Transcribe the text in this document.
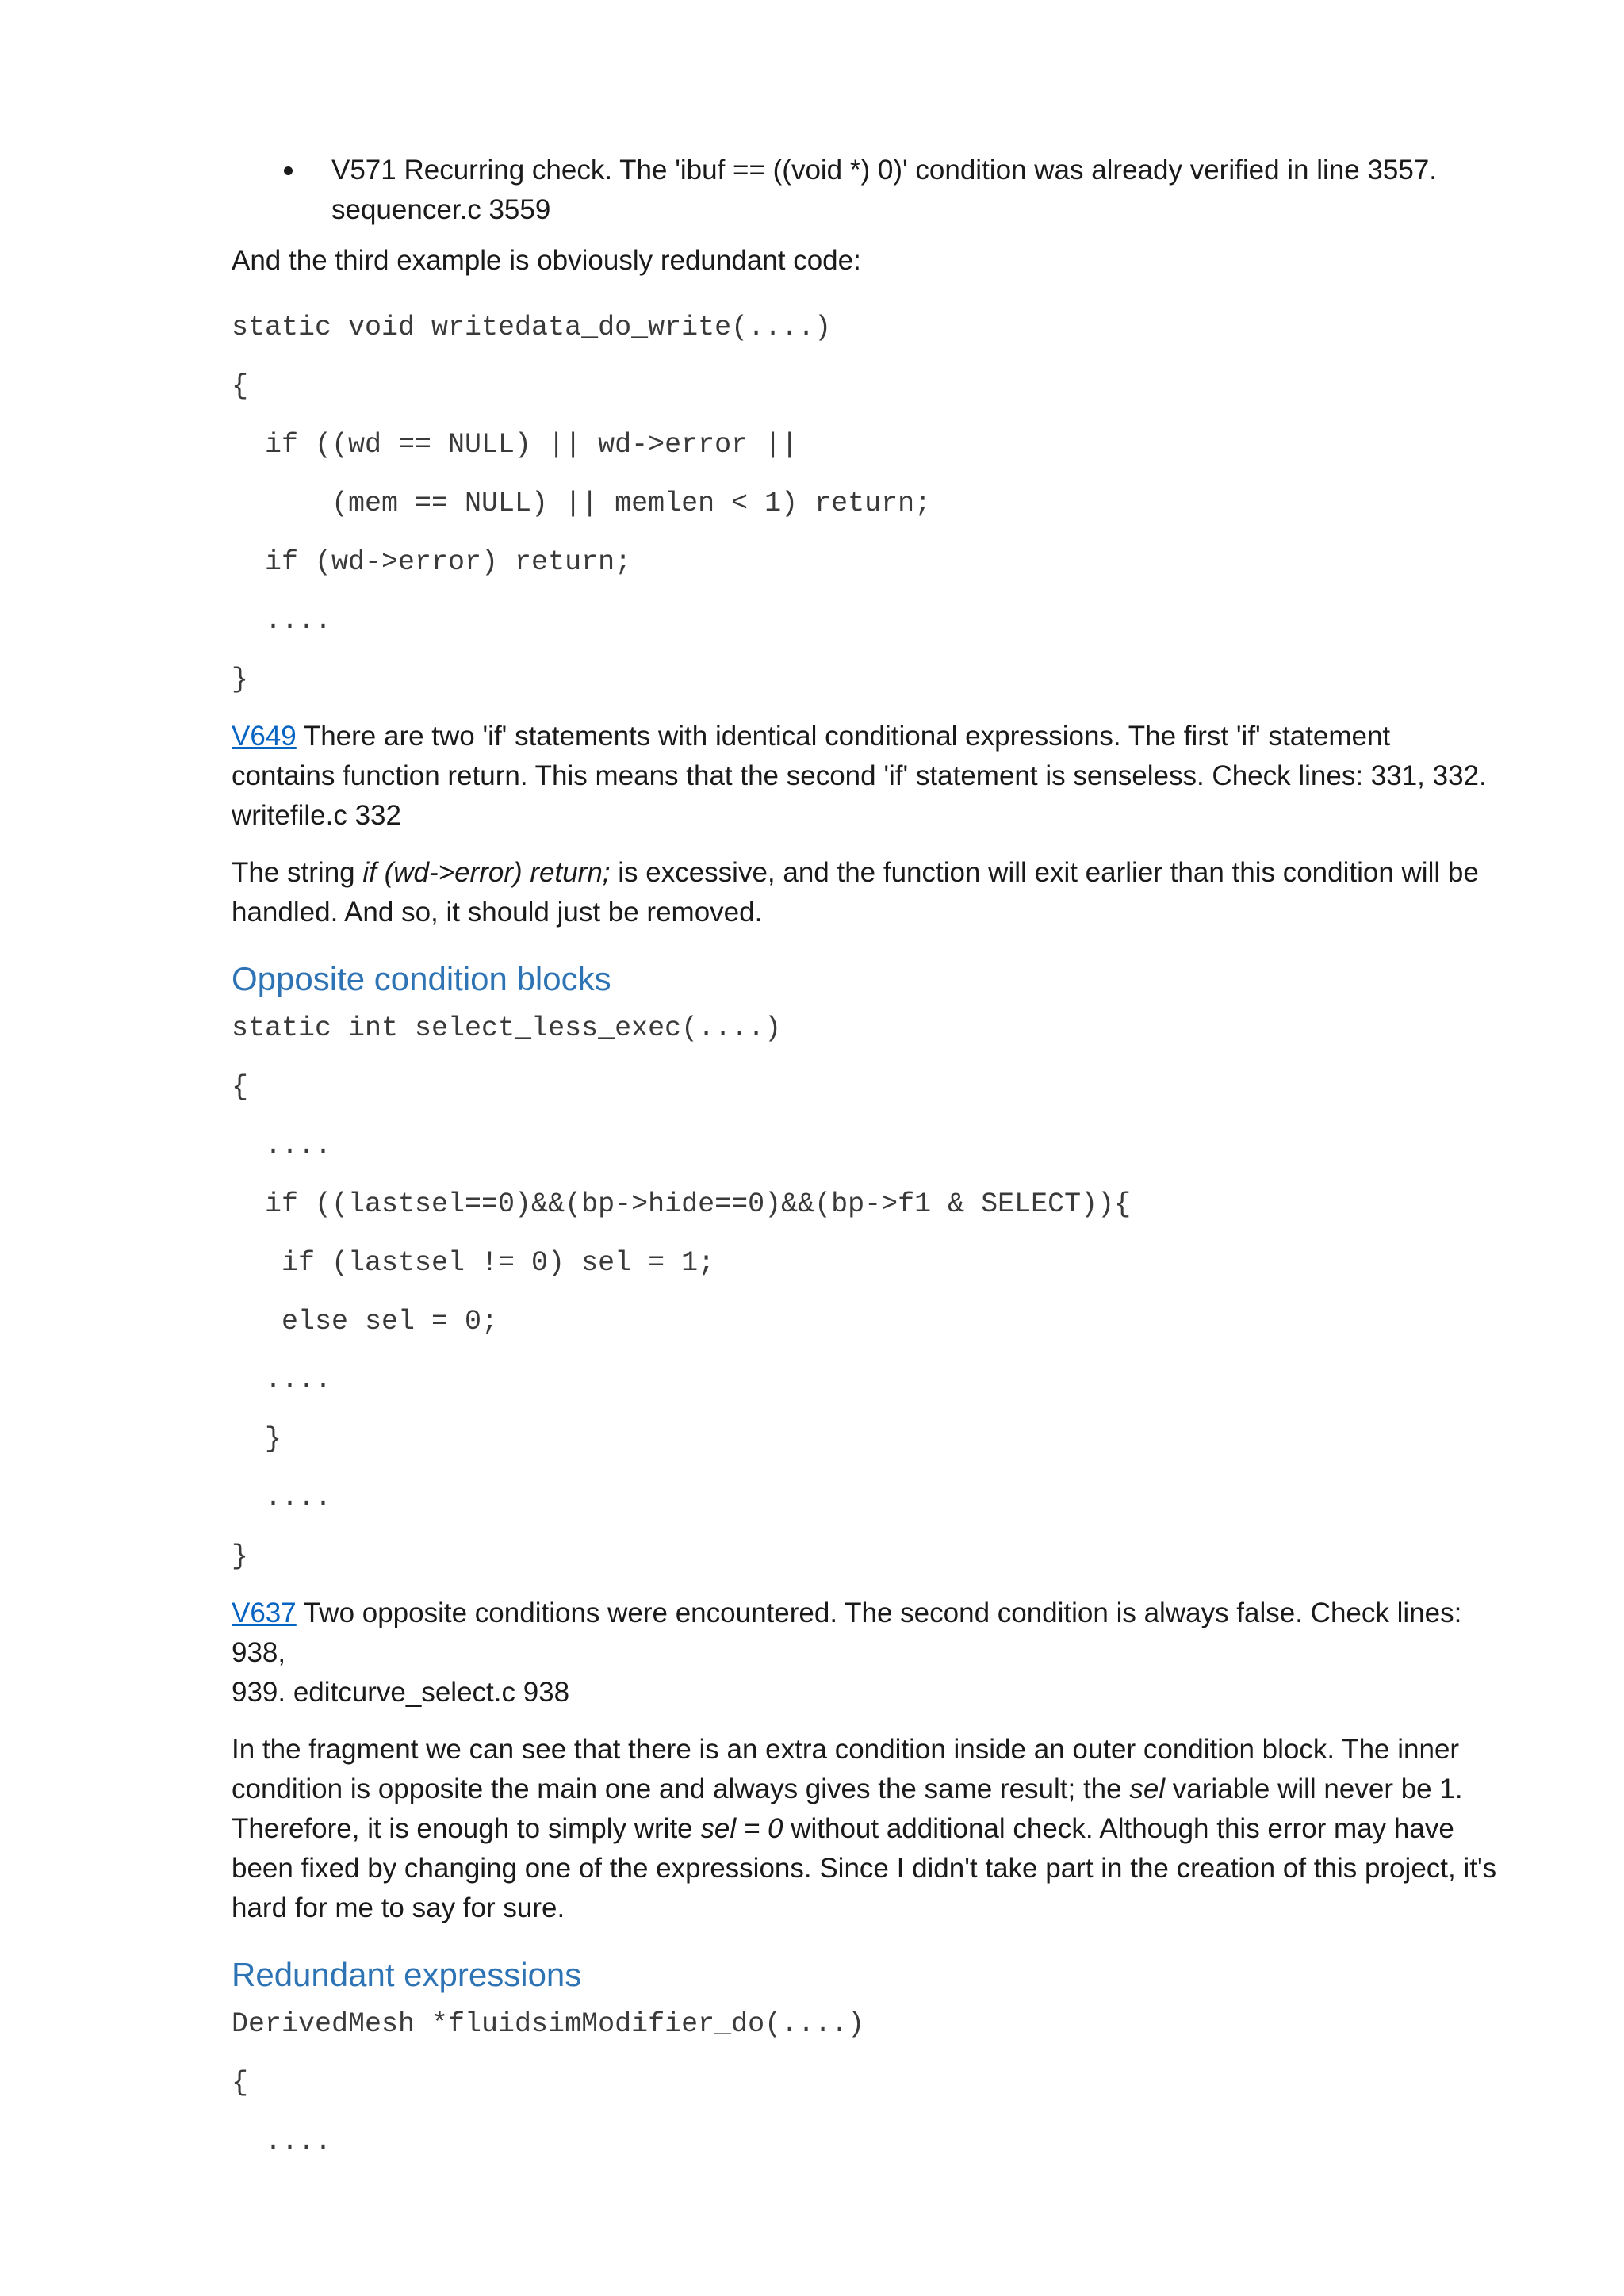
V571 Recurring check. The 'ibuf == ((void *) 0)' condition was already verified in line 3557.
sequencer.c 3559

And the third example is obviously redundant code:

static void writedata_do_write(....)
{
if ((wd == NULL) || wd->error ||
(mem == NULL) || memlen < 1) return;
if (wd->error) return;
....
}

V649 There are two 'if' statements with identical conditional expressions. The first 'if' statement
contains function return. This means that the second 'if' statement is senseless. Check lines: 331, 332.
writefile.c 332

The string if (wd->error) return; is excessive, and the function will exit earlier than this condition will be
handled. And so, it should just be removed.

Opposite condition blocks
static int select_less_exec(....)
{
....
if ((lastsel==0)&&(bp->hide==0)&&(bp->f1 & SELECT)){
if (lastsel != 0) sel = 1;
else sel = 0;
....
}
....
}

V637 Two opposite conditions were encountered. The second condition is always false. Check lines: 938,
939. editcurve_select.c 938

In the fragment we can see that there is an extra condition inside an outer condition block. The inner
condition is opposite the main one and always gives the same result; the sel variable will never be 1.
Therefore, it is enough to simply write sel = 0 without additional check. Although this error may have
been fixed by changing one of the expressions. Since I didn't take part in the creation of this project, it's
hard for me to say for sure.

Redundant expressions
DerivedMesh *fluidsimModifier_do(....)
{
....
